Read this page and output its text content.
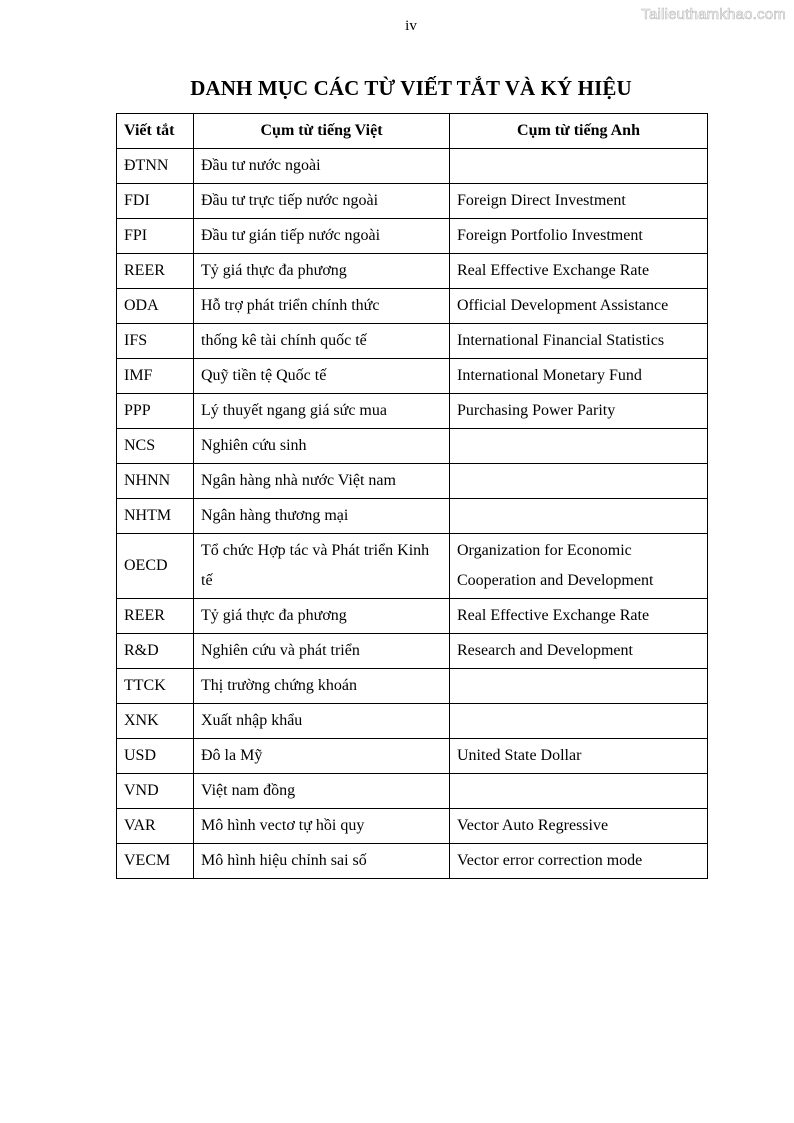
Tailieuthamkhao.com
iv
DANH MỤC CÁC TỪ VIẾT TẮT VÀ KÝ HIỆU
Viết tắt	Cụm từ tiếng Việt	Cụm từ tiếng Anh
ĐTNN	Đầu tư nước ngoài	
FDI	Đầu tư trực tiếp nước ngoài	Foreign Direct Investment
FPI	Đầu tư gián tiếp nước ngoài	Foreign Portfolio Investment
REER	Tỷ giá thực đa phương	Real Effective Exchange Rate
ODA	Hỗ trợ phát triển chính thức	Official Development Assistance
IFS	thống kê tài chính quốc tế	International Financial Statistics
IMF	Quỹ tiền tệ Quốc tế	International Monetary Fund
PPP	Lý thuyết ngang giá sức mua	Purchasing Power Parity
NCS	Nghiên cứu sinh	
NHNN	Ngân hàng nhà nước Việt nam	
NHTM	Ngân hàng thương mại	
OECD	Tổ chức Hợp tác và Phát triển Kinh tế	Organization for Economic Cooperation and Development
REER	Tỷ giá thực đa phương	Real Effective Exchange Rate
R&D	Nghiên cứu và phát triển	Research and Development
TTCK	Thị trường chứng khoán	
XNK	Xuất nhập khẩu	
USD	Đô la Mỹ	United State Dollar
VND	Việt nam đồng	
VAR	Mô hình vectơ tự hồi quy	Vector Auto Regressive
VECM	Mô hình hiệu chỉnh sai số	Vector error correction mode
